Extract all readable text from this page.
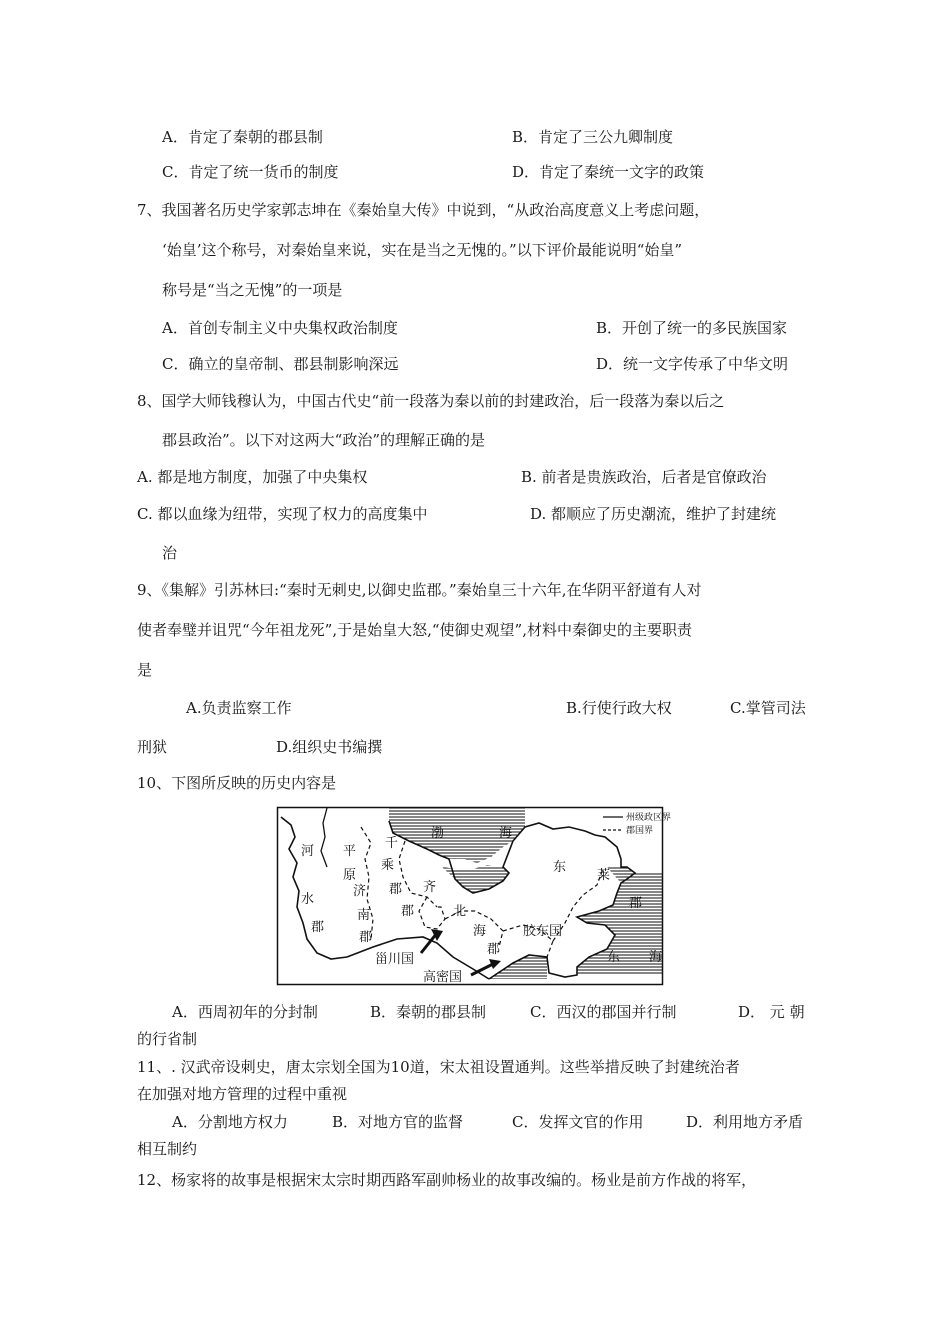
A．肯定了秦朝的郡县制	B．肯定了三公九卿制度
C．肯定了统一货币的制度	D．肯定了秦统一文字的政策
7、我国著名历史学家郭志坤在《秦始皇大传》中说到，“从政治高度意义上考虑问题，
‘始皇’这个称号，对秦始皇来说，实在是当之无愧的。”以下评价最能说明“始皇”
称号是“当之无愧”的一项是
A．首创专制主义中央集权政治制度	B．开创了统一的多民族国家
C．确立的皇帝制、郡县制影响深远	D．统一文字传承了中华文明
8、国学大师钱穆认为，中国古代史“前一段落为秦以前的封建政治，后一段落为秦以后之
郡县政治”。以下对这两大“政治”的理解正确的是
A. 都是地方制度，加强了中央集权	B. 前者是贵族政治，后者是官僚政治
C. 都以血缘为纽带，实现了权力的高度集中	D. 都顺应了历史潮流，维护了封建统
治
9、《集解》引苏林曰:“秦时无刺史,以御史监郡。”秦始皇三十六年,在华阴平舒道有人对
使者奉璧并诅咒“今年祖龙死”,于是始皇大怒,“使御史观望”,材料中秦御史的主要职责
是
A.负责监察工作	B.行使行政大权	C.掌管司法
刑狱	D.组织史书编撰
10、下图所反映的历史内容是
州级政区界
郡国界
渤	海
河
水
郡
平
原
济
南
郡
千
乘
郡 齐
郡	北
海
郡
东
莱
郡
胶东国
甾川国
高密国
东 海
A．西周初年的分封制	B．秦朝的郡县制	C．西汉的郡国并行制	D． 元 朝
的行省制
11、. 汉武帝设刺史，唐太宗划全国为10道，宋太祖设置通判。这些举措反映了封建统治者
在加强对地方管理的过程中重视
A．分割地方权力	B．对地方官的监督	C．发挥文官的作用	D．利用地方矛盾
相互制约
12、杨家将的故事是根据宋太宗时期西路军副帅杨业的故事改编的。杨业是前方作战的将军，
